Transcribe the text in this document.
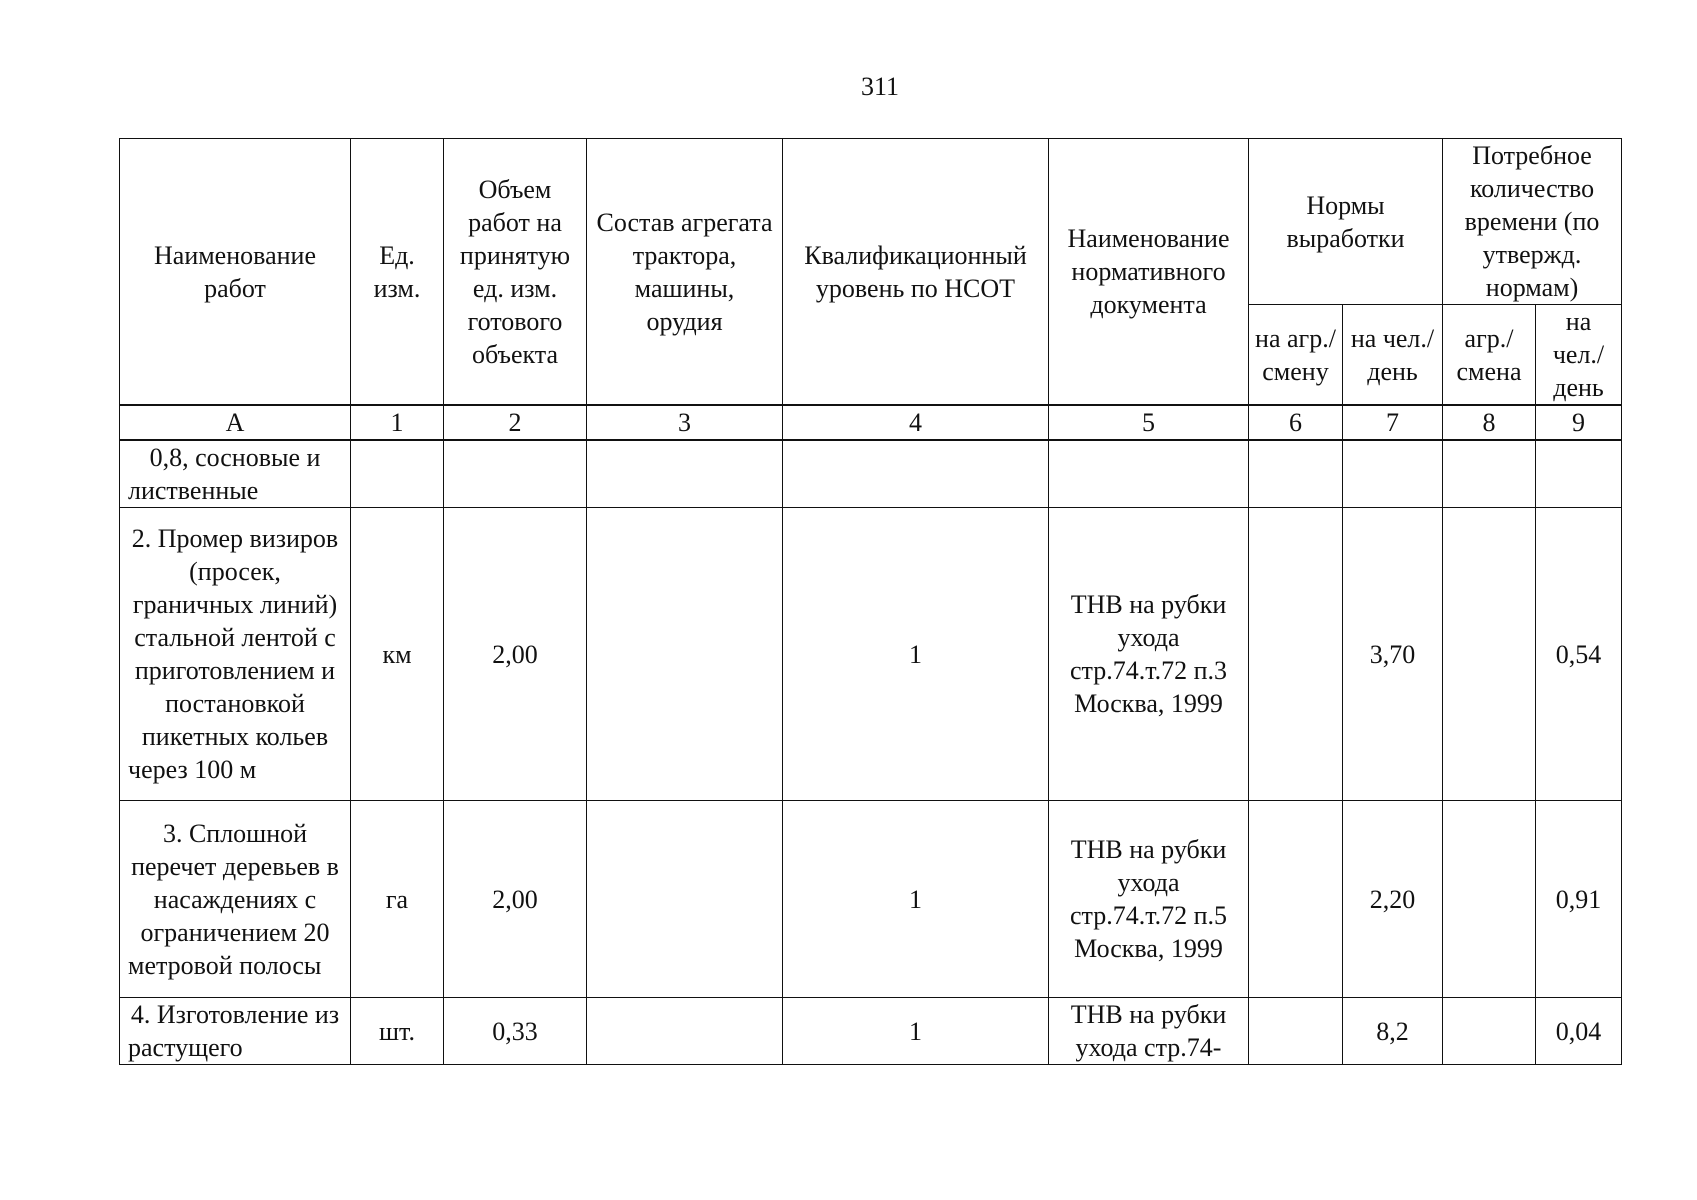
311
Наименование работ	Ед. изм.	Объем работ на принятую ед. изм. готового объекта	Состав агрегата трактора, машины, орудия	Квалификационный уровень по НСОТ	Наименование нормативного документа	Нормы выработки		Потребное количество времени (по утвержд. нормам)	
						на агр./ смену	на чел./ день	агр./ смена	на чел./ день
А	1	2	3	4	5	6	7	8	9
0,8, сосновые и лиственные									
2. Промер визиров (просек, граничных линий) стальной лентой с приготовлением и постановкой пикетных кольев через 100 м	км	2,00		1	ТНВ на рубки ухода стр.74.т.72 п.3 Москва, 1999		3,70		0,54
3. Сплошной перечет деревьев в насаждениях с ограничением 20 метровой полосы	га	2,00		1	ТНВ на рубки ухода стр.74.т.72 п.5 Москва, 1999		2,20		0,91
4. Изготовление из растущего	шт.	0,33		1	ТНВ на рубки ухода стр.74-		8,2		0,04
